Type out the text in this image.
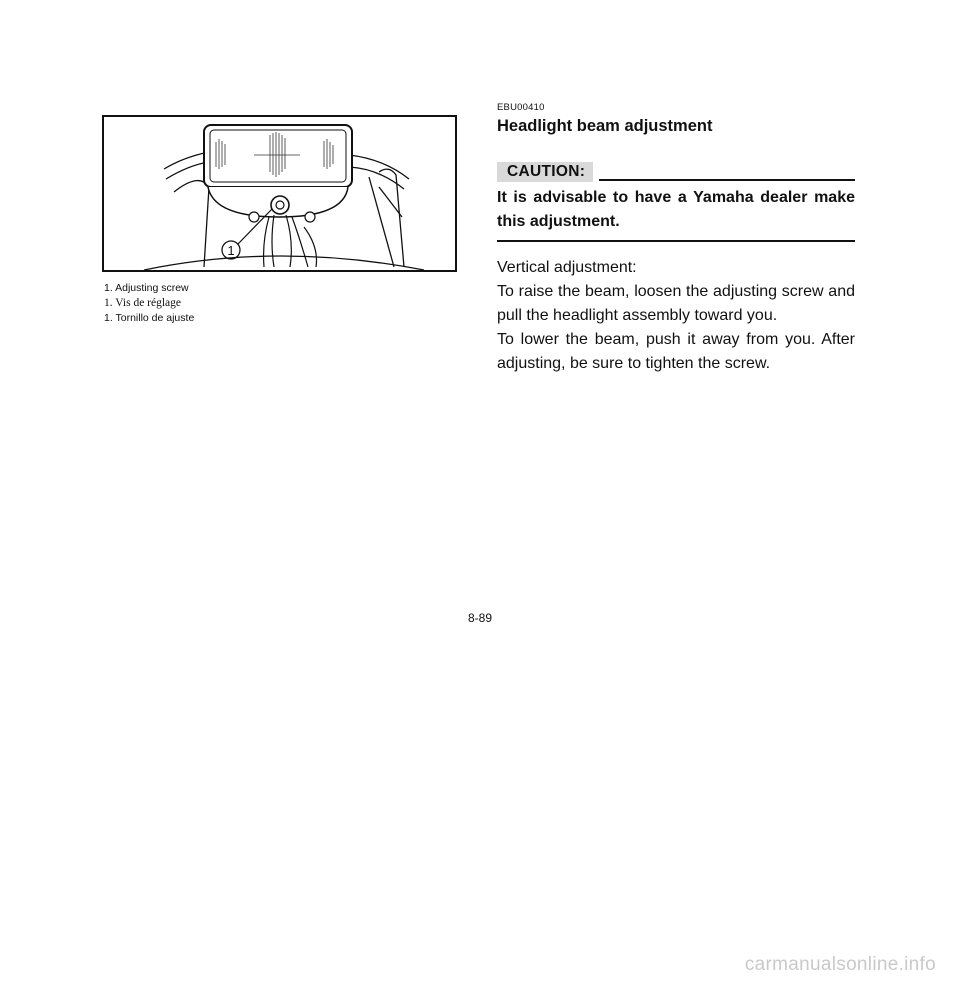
1
1. Adjusting screw
1. Vis de réglage
1. Tornillo de ajuste
EBU00410
Headlight beam adjustment
CAUTION:
It is advisable to have a Yamaha dealer make this adjustment.

Vertical adjustment:

To raise the beam, loosen the adjusting screw and pull the headlight assembly toward you.

To lower the beam, push it away from you. After adjusting, be sure to tighten the screw.

8-89
carmanualsonline.info
